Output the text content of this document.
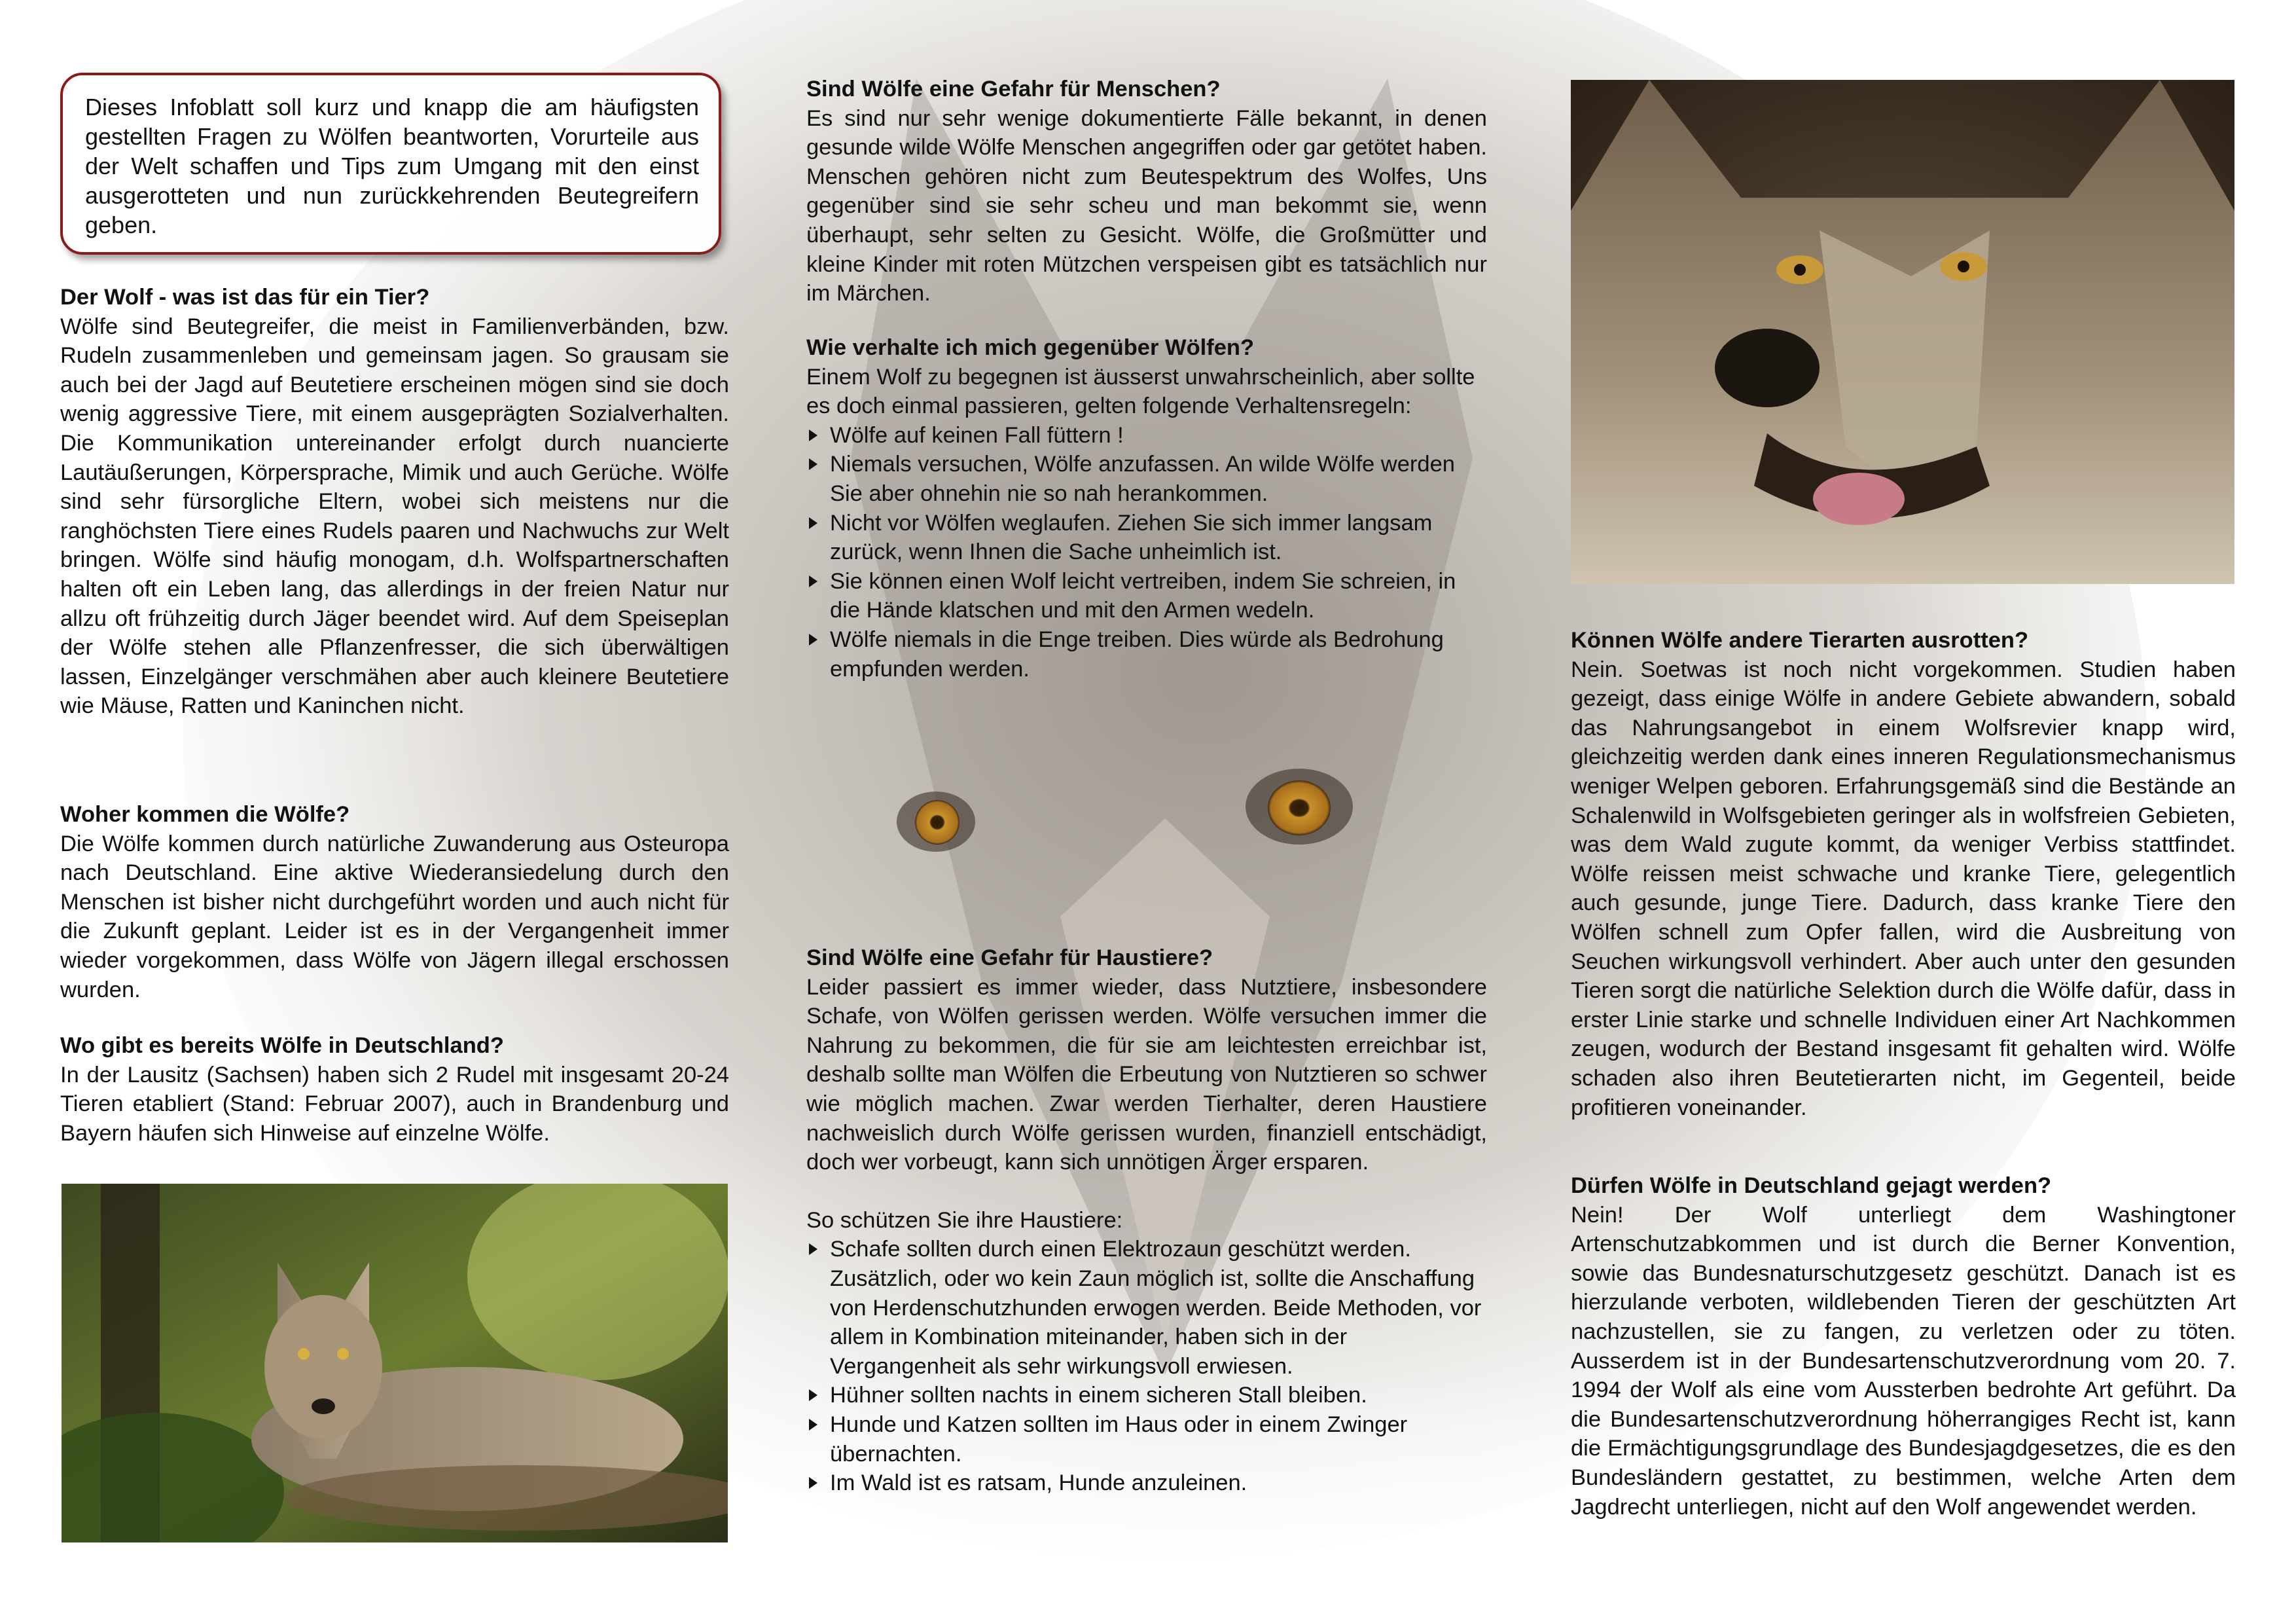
Dieses Infoblatt soll kurz und knapp die am häufigsten gestellten Fragen zu Wölfen beantworten, Vorurteile aus der Welt schaffen und Tips zum Umgang mit den einst ausgerotteten und nun zurückkehrenden Beutegreifern geben.

Der Wolf - was ist das für ein Tier?

Wölfe sind Beutegreifer, die meist in Familienverbänden, bzw. Rudeln zusammenleben und gemeinsam jagen. So grausam sie auch bei der Jagd auf Beutetiere erscheinen mögen sind sie doch wenig aggressive Tiere, mit einem ausgeprägten Sozialverhalten. Die Kommunikation untereinander erfolgt durch nuancierte Lautäußerungen, Körpersprache, Mimik und auch Gerüche. Wölfe sind sehr fürsorgliche Eltern, wobei sich meistens nur die ranghöchsten Tiere eines Rudels paaren und Nachwuchs zur Welt bringen. Wölfe sind häufig monogam, d.h. Wolfspartnerschaften halten oft ein Leben lang, das allerdings in der freien Natur nur allzu oft frühzeitig durch Jäger beendet wird. Auf dem Speiseplan der Wölfe stehen alle Pflanzenfresser, die sich überwältigen lassen, Einzelgänger verschmähen aber auch kleinere Beutetiere wie Mäuse, Ratten und Kaninchen nicht.

Woher kommen die Wölfe?

Die Wölfe kommen durch natürliche Zuwanderung aus Osteuropa nach Deutschland. Eine aktive Wiederansiedelung durch den Menschen ist bisher nicht durchgeführt worden und auch nicht für die Zukunft geplant. Leider ist es in der Vergangenheit immer wieder vorgekommen, dass Wölfe von Jägern illegal erschossen wurden.

Wo gibt es bereits Wölfe in Deutschland?

In der Lausitz (Sachsen) haben sich 2 Rudel mit insgesamt 20-24 Tieren etabliert (Stand: Februar 2007), auch in Brandenburg und Bayern häufen sich Hinweise auf einzelne Wölfe.

Sind Wölfe eine Gefahr für Menschen?

Es sind nur sehr wenige dokumentierte Fälle bekannt, in denen gesunde wilde Wölfe Menschen angegriffen oder gar getötet haben. Menschen gehören nicht zum Beutespektrum des Wolfes, Uns gegenüber sind sie sehr scheu und man bekommt sie, wenn überhaupt, sehr selten zu Gesicht. Wölfe, die Großmütter und kleine Kinder mit roten Mützchen verspeisen gibt es tatsächlich nur im Märchen.

Wie verhalte ich mich gegenüber Wölfen?

Einem Wolf zu begegnen ist äusserst unwahrscheinlich, aber sollte es doch einmal passieren, gelten folgende Verhaltensregeln:

Wölfe auf keinen Fall füttern !
Niemals versuchen, Wölfe anzufassen. An wilde Wölfe werden Sie aber ohnehin nie so nah herankommen.
Nicht vor Wölfen weglaufen. Ziehen Sie sich immer langsam zurück, wenn Ihnen die Sache unheimlich ist.
Sie können einen Wolf leicht vertreiben, indem Sie schreien, in die Hände klatschen und mit den Armen wedeln.
Wölfe niemals in die Enge treiben. Dies würde als Bedrohung empfunden werden.
Sind Wölfe eine Gefahr für Haustiere?

Leider passiert es immer wieder, dass Nutztiere, insbesondere Schafe, von Wölfen gerissen werden. Wölfe versuchen immer die Nahrung zu bekommen, die für sie am leichtesten erreichbar ist, deshalb sollte man Wölfen die Erbeutung von Nutztieren so schwer wie möglich machen. Zwar werden Tierhalter, deren Haustiere nachweislich durch Wölfe gerissen wurden, finanziell entschädigt, doch wer vorbeugt, kann sich unnötigen Ärger ersparen.

So schützen Sie ihre Haustiere:

Schafe sollten durch einen Elektrozaun geschützt werden. Zusätzlich, oder wo kein Zaun möglich ist, sollte die Anschaffung von Herdenschutzhunden erwogen werden. Beide Methoden, vor allem in Kombination miteinander, haben sich in der Vergangenheit als sehr wirkungsvoll erwiesen.
Hühner sollten nachts in einem sicheren Stall bleiben.
Hunde und Katzen sollten im Haus oder in einem Zwinger übernachten.
Im Wald ist es ratsam, Hunde anzuleinen.
Können Wölfe andere Tierarten ausrotten?

Nein. Soetwas ist noch nicht vorgekommen. Studien haben gezeigt, dass einige Wölfe in andere Gebiete abwandern, sobald das Nahrungsangebot in einem Wolfsrevier knapp wird, gleichzeitig werden dank eines inneren Regulationsmechanismus weniger Welpen geboren. Erfahrungsgemäß sind die Bestände an Schalenwild in Wolfsgebieten geringer als in wolfsfreien Gebieten, was dem Wald zugute kommt, da weniger Verbiss stattfindet. Wölfe reissen meist schwache und kranke Tiere, gelegentlich auch gesunde, junge Tiere. Dadurch, dass kranke Tiere den Wölfen schnell zum Opfer fallen, wird die Ausbreitung von Seuchen wirkungsvoll verhindert. Aber auch unter den gesunden Tieren sorgt die natürliche Selektion durch die Wölfe dafür, dass in erster Linie starke und schnelle Individuen einer Art Nachkommen zeugen, wodurch der Bestand insgesamt fit gehalten wird. Wölfe schaden also ihren Beutetierarten nicht, im Gegenteil, beide profitieren voneinander.

Dürfen Wölfe in Deutschland gejagt werden?

Nein! Der Wolf unterliegt dem Washingtoner Artenschutzabkommen und ist durch die Berner Konvention, sowie das Bundesnaturschutzgesetz geschützt. Danach ist es hierzulande verboten, wildlebenden Tieren der geschützten Art nachzustellen, sie zu fangen, zu verletzen oder zu töten. Ausserdem ist in der Bundesartenschutzverordnung vom 20. 7. 1994 der Wolf als eine vom Aussterben bedrohte Art geführt. Da die Bundesartenschutzverordnung höherrangiges Recht ist, kann die Ermächtigungsgrundlage des Bundesjagdgesetzes, die es den Bundesländern gestattet, zu bestimmen, welche Arten dem Jagdrecht unterliegen, nicht auf den Wolf angewendet werden.
